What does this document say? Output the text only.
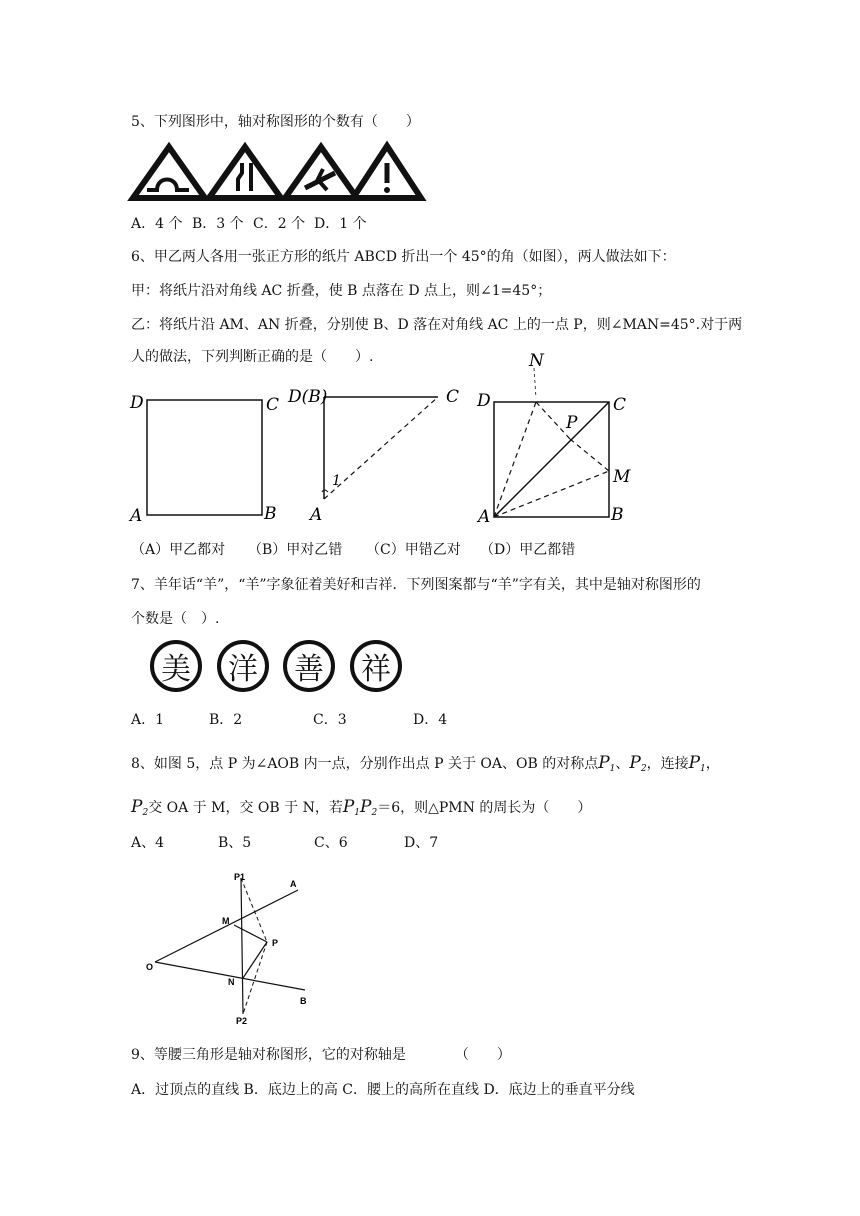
5、下列图形中，轴对称图形的个数有（　　）
A．4 个 B．3 个 C．2 个 D．1 个
6、甲乙两人各用一张正方形的纸片 ABCD 折出一个 45°的角（如图），两人做法如下：
甲：将纸片沿对角线 AC 折叠，使 B 点落在 D 点上，则∠1=45°；
乙：将纸片沿 AM、AN 折叠，分别使 B、D 落在对角线 AC 上的一点 P，则∠MAN=45°.对于两
人的做法，下列判断正确的是（　　）.
D	C
A	B
D(B)	C
A
1
N
D	C
P
M
A	B
（A）甲乙都对 （B）甲对乙错 （C）甲错乙对 （D）甲乙都错
7、羊年话“羊”，“羊”字象征着美好和吉祥．下列图案都与“羊”字有关，其中是轴对称图形的
个数是（　）.
美	洋	善	祥
A．1	B．2	C．3	D．4
8、如图 5，点 P 为∠AOB 内一点，分别作出点 P 关于 OA、OB 的对称点$P_1$、$P_2$，连接$P_1$，
$P_2$交 OA 于 M，交 OB 于 N，若$P_1P_2=6$，则△PMN 的周长为（　　）
A、4	B、5	C、6	D、7
P1
A
M
P
O
N
B
P2
9、等腰三角形是轴对称图形，它的对称轴是　　　　（　　）
A．过顶点的直线 B．底边上的高 C．腰上的高所在直线 D．底边上的垂直平分线
